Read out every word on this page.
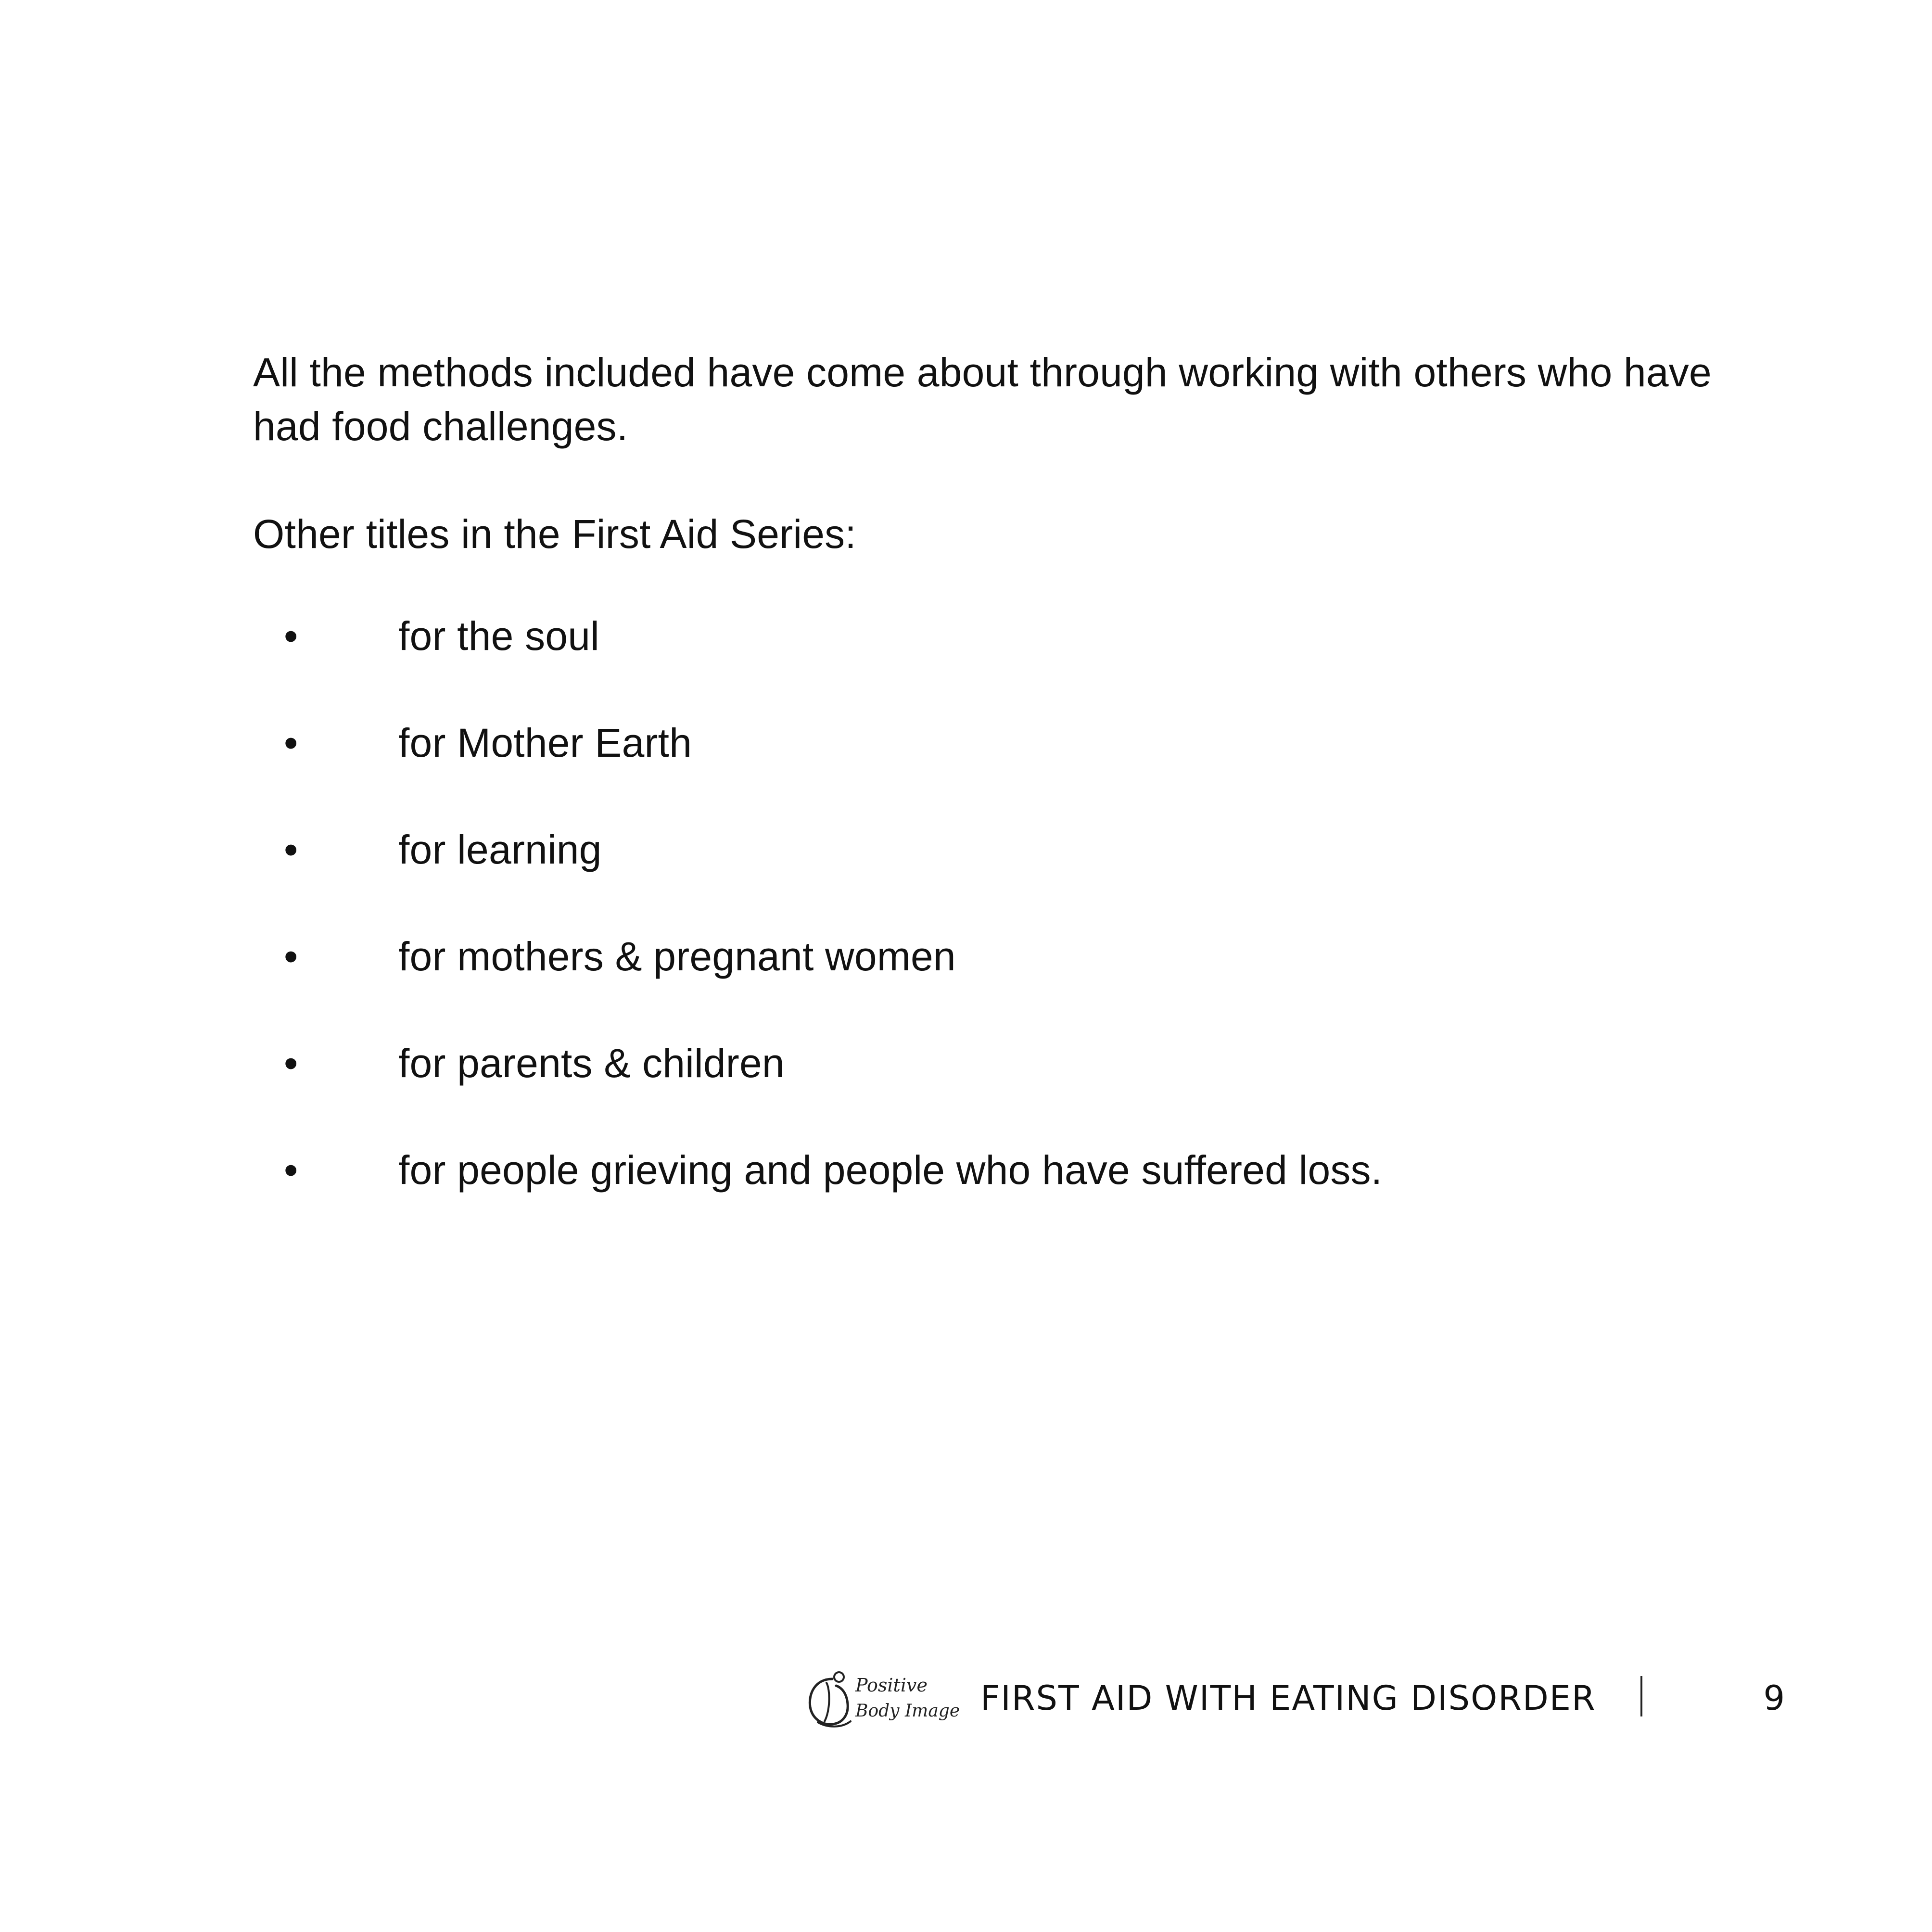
All the methods included have come about through working with others who have
had food challenges.

Other titles in the First Aid Series:

•	for the soul
•	for Mother Earth
•	for learning
•	for mothers & pregnant women
•	for parents & children
•	for people grieving and people who have suffered loss.
Positive
Body Image FIRST AID WITH EATING DISORDER	9
